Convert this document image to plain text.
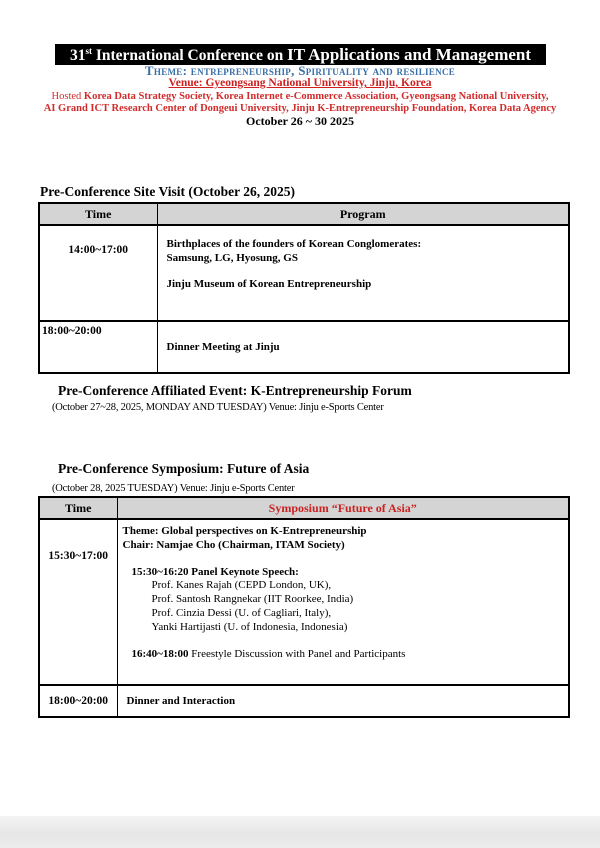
31st International Conference on IT Applications and Management
Theme: entrepreneurship, Spirituality and resilience
Venue: Gyeongsang National University, Jinju, Korea
Hosted Korea Data Strategy Society, Korea Internet e-Commerce Association, Gyeongsang National University,
AI Grand ICT Research Center of Dongeui University, Jinju K-Entrepreneurship Foundation, Korea Data Agency
October 26 ~ 30 2025
Pre-Conference Site Visit (October 26, 2025)
Time	Program
14:00~17:00	Birthplaces of the founders of Korean Conglomerates:
Samsung, LG, Hyosung, GS
Jinju Museum of Korean Entrepreneurship

18:00~20:00	Dinner Meeting at Jinju
Pre-Conference Affiliated Event: K-Entrepreneurship Forum
(October 27~28, 2025, MONDAY AND TUESDAY) Venue: Jinju e-Sports Center
Pre-Conference Symposium: Future of Asia
(October 28, 2025 TUESDAY) Venue: Jinju e-Sports Center
Time	Symposium “Future of Asia”
15:30~17:00	
Theme: Global perspectives on K-Entrepreneurship
Chair: Namjae Cho (Chairman, ITAM Society)
15:30~16:20 Panel Keynote Speech:
Prof. Kanes Rajah (CEPD London, UK),
Prof. Santosh Rangnekar (IIT Roorkee, India)
Prof. Cinzia Dessi (U. of Cagliari, Italy),
Yanki Hartijasti (U. of Indonesia, Indonesia)
16:40~18:00 Freestyle Discussion with Panel and Participants

18:00~20:00	Dinner and Interaction
